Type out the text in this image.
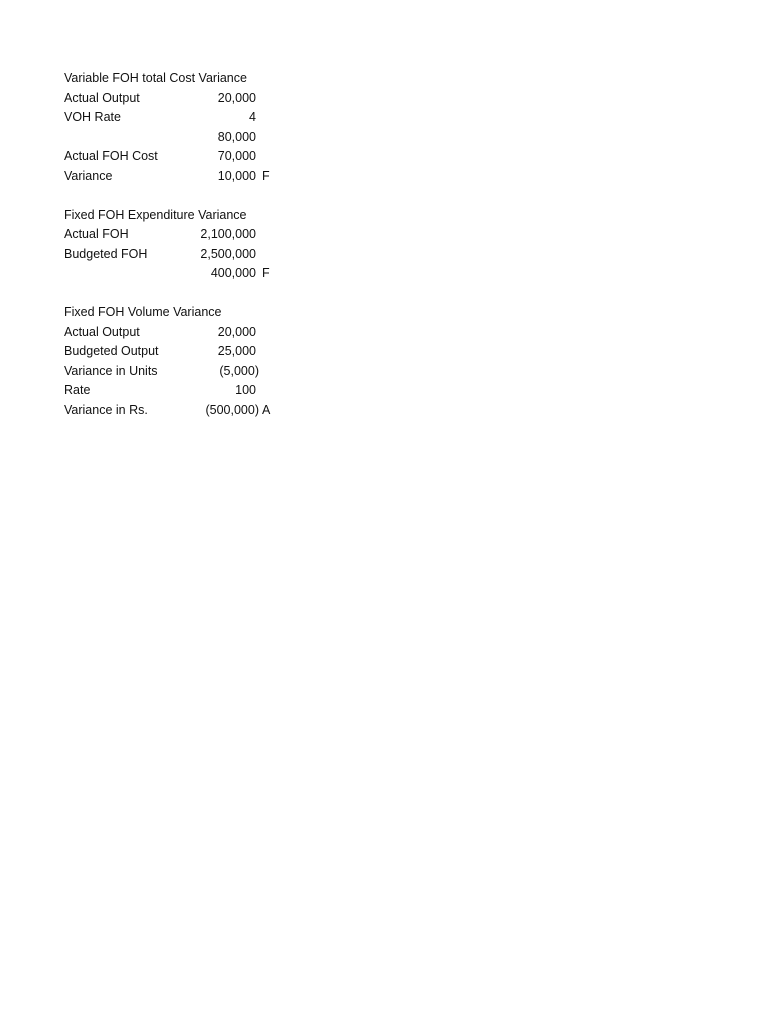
Variable FOH total Cost Variance
Actual Output	20,000
VOH Rate	4
80,000
Actual FOH Cost	70,000
Variance	10,000 F
Fixed FOH Expenditure Variance
Actual FOH	2,100,000
Budgeted FOH	2,500,000
400,000 F
Fixed FOH Volume Variance
Actual Output	20,000
Budgeted Output	25,000
Variance in Units	(5,000)
Rate	100
Variance in Rs.	(500,000) A
